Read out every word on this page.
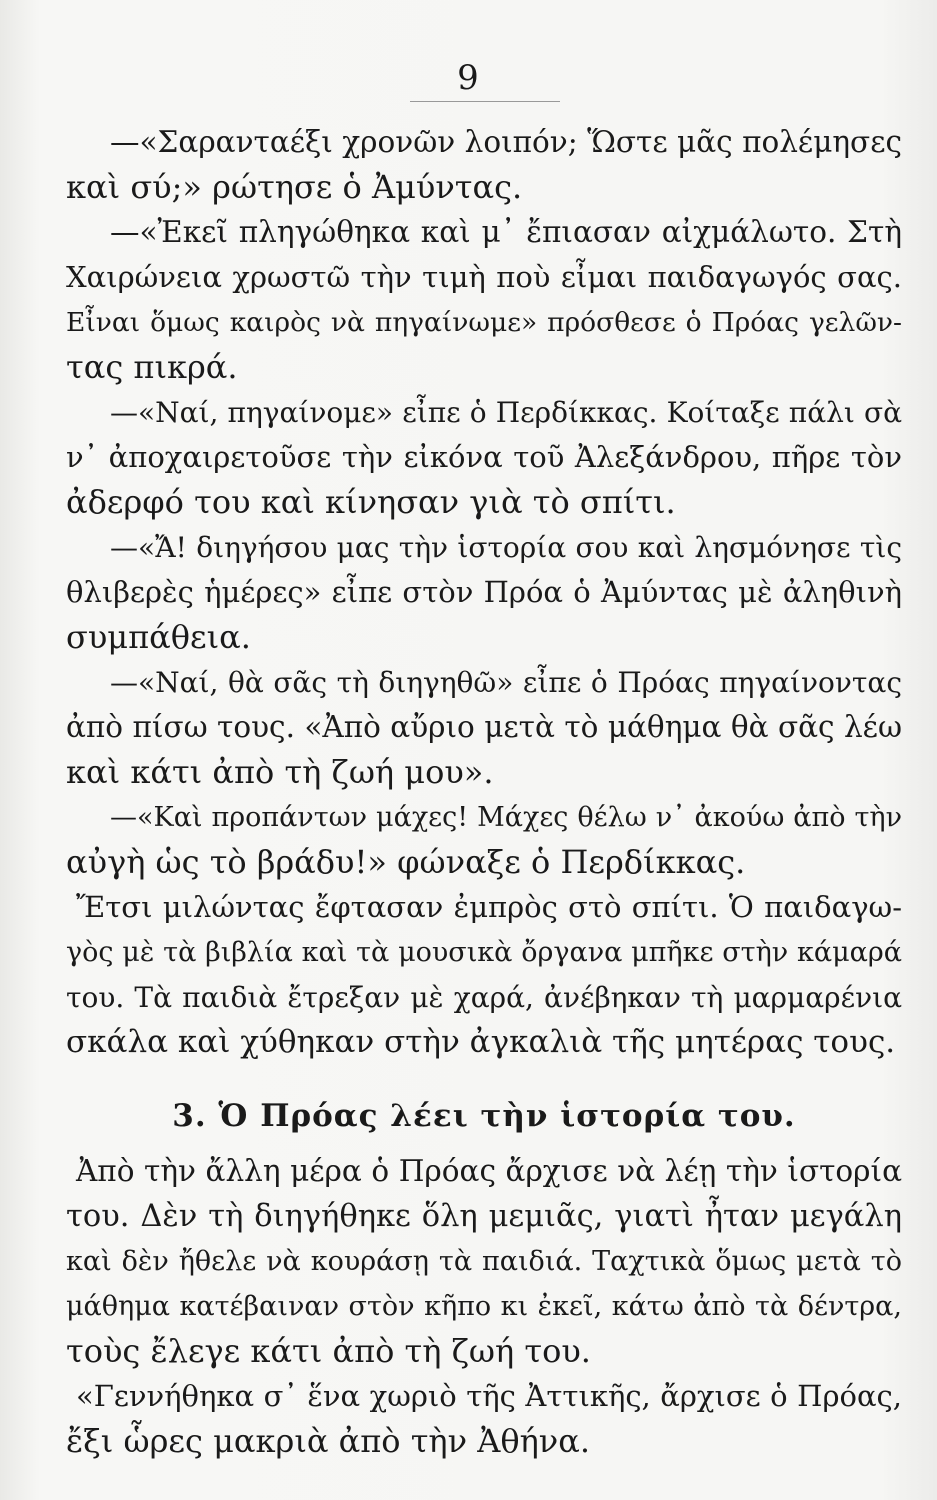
9
—«Σαρανταέξι χρονῶν λοιπόν; Ὥστε μᾶς πολέμησες
καὶ σύ;» ρώτησε ὁ Ἀμύντας.
—«Ἐκεῖ πληγώθηκα καὶ μ᾽ ἔπιασαν αἰχμάλωτο. Στὴ
Χαιρώνεια χρωστῶ τὴν τιμὴ ποὺ εἶμαι παιδαγωγός σας.
Εἶναι ὅμως καιρὸς νὰ πηγαίνωμε» πρόσθεσε ὁ Πρόας γελῶν-
τας πικρά.
—«Ναί, πηγαίνομε» εἶπε ὁ Περδίκκας. Κοίταξε πάλι σὰ
ν᾽ ἀποχαιρετοῦσε τὴν εἰκόνα τοῦ Ἀλεξάνδρου, πῆρε τὸν
ἀδερφό του καὶ κίνησαν γιὰ τὸ σπίτι.
—«Ἄ! διηγήσου μας τὴν ἱστορία σου καὶ λησμόνησε τὶς
θλιβερὲς ἡμέρες» εἶπε στὸν Πρόα ὁ Ἀμύντας μὲ ἀληθινὴ
συμπάθεια.
—«Ναί, θὰ σᾶς τὴ διηγηθῶ» εἶπε ὁ Πρόας πηγαίνοντας
ἀπὸ πίσω τους. «Ἀπὸ αὔριο μετὰ τὸ μάθημα θὰ σᾶς λέω
καὶ κάτι ἀπὸ τὴ ζωή μου».
—«Καὶ προπάντων μάχες! Μάχες θέλω ν᾽ ἀκούω ἀπὸ τὴν
αὐγὴ ὡς τὸ βράδυ!» φώναξε ὁ Περδίκκας.
Ἔτσι μιλώντας ἔφτασαν ἐμπρὸς στὸ σπίτι. Ὁ παιδαγω-
γὸς μὲ τὰ βιβλία καὶ τὰ μουσικὰ ὄργανα μπῆκε στὴν κάμαρά
του. Τὰ παιδιὰ ἔτρεξαν μὲ χαρά, ἀνέβηκαν τὴ μαρμαρένια
σκάλα καὶ χύθηκαν στὴν ἀγκαλιὰ τῆς μητέρας τους.
3. Ὁ Πρόας λέει τὴν ἱστορία του.
Ἀπὸ τὴν ἄλλη μέρα ὁ Πρόας ἄρχισε νὰ λέῃ τὴν ἱστορία
του. Δὲν τὴ διηγήθηκε ὅλη μεμιᾶς, γιατὶ ἦταν μεγάλη
καὶ δὲν ἤθελε νὰ κουράσῃ τὰ παιδιά. Ταχτικὰ ὅμως μετὰ τὸ
μάθημα κατέβαιναν στὸν κῆπο κι ἐκεῖ, κάτω ἀπὸ τὰ δέντρα,
τοὺς ἔλεγε κάτι ἀπὸ τὴ ζωή του.
«Γεννήθηκα σ᾽ ἕνα χωριὸ τῆς Ἀττικῆς, ἄρχισε ὁ Πρόας,
ἔξι ὧρες μακριὰ ἀπὸ τὴν Ἀθήνα.
